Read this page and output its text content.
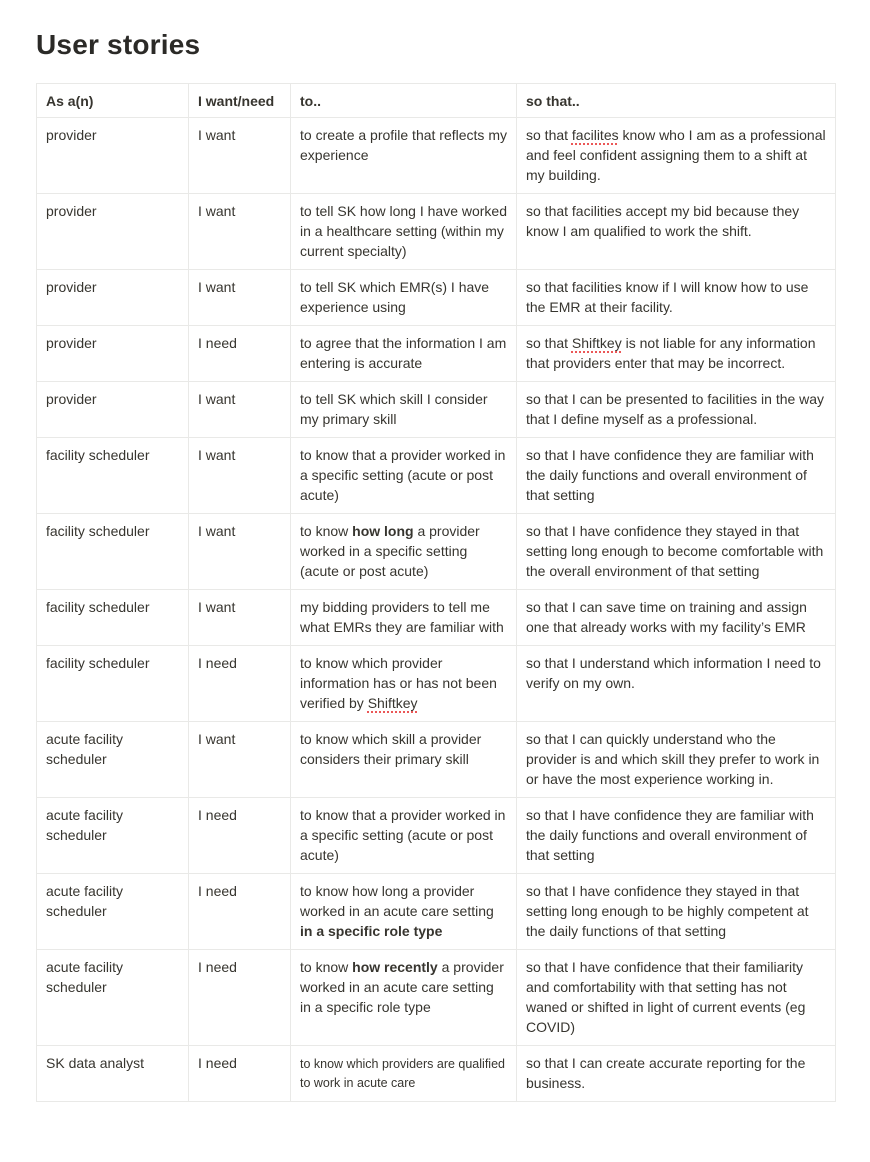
User stories
As a(n)	I want/need	to..	so that..
provider	I want	to create a profile that reflects my experience	so that facilites know who I am as a professional and feel confident assigning them to a shift at my building.
provider	I want	to tell SK how long I have worked in a healthcare setting (within my current specialty)	so that facilities accept my bid because they know I am qualified to work the shift.
provider	I want	to tell SK which EMR(s) I have experience using	so that facilities know if I will know how to use the EMR at their facility.
provider	I need	to agree that the information I am entering is accurate	so that Shiftkey is not liable for any information that providers enter that may be incorrect.
provider	I want	to tell SK which skill I consider my primary skill	so that I can be presented to facilities in the way that I define myself as a professional.
facility scheduler	I want	to know that a provider worked in a specific setting (acute or post acute)	so that I have confidence they are familiar with the daily functions and overall environment of that setting
facility scheduler	I want	to know how long a provider worked in a specific setting (acute or post acute)	so that I have confidence they stayed in that setting long enough to become comfortable with the overall environment of that setting
facility scheduler	I want	my bidding providers to tell me what EMRs they are familiar with	so that I can save time on training and assign one that already works with my facility’s EMR
facility scheduler	I need	to know which provider information has or has not been verified by Shiftkey	so that I understand which information I need to verify on my own.
acute facility scheduler	I want	to know which skill a provider considers their primary skill	so that I can quickly understand who the provider is and which skill they prefer to work in or have the most experience working in.
acute facility scheduler	I need	to know that a provider worked in a specific setting (acute or post acute)	so that I have confidence they are familiar with the daily functions and overall environment of that setting
acute facility scheduler	I need	to know how long a provider worked in an acute care setting in a specific role type	so that I have confidence they stayed in that setting long enough to be highly competent at the daily functions of that setting
acute facility scheduler	I need	to know how recently a provider worked in an acute care setting in a specific role type	so that I have confidence that their familiarity and comfortability with that setting has not waned or shifted in light of current events (eg COVID)
SK data analyst	I need	to know which providers are qualified to work in acute care	so that I can create accurate reporting for the business.
